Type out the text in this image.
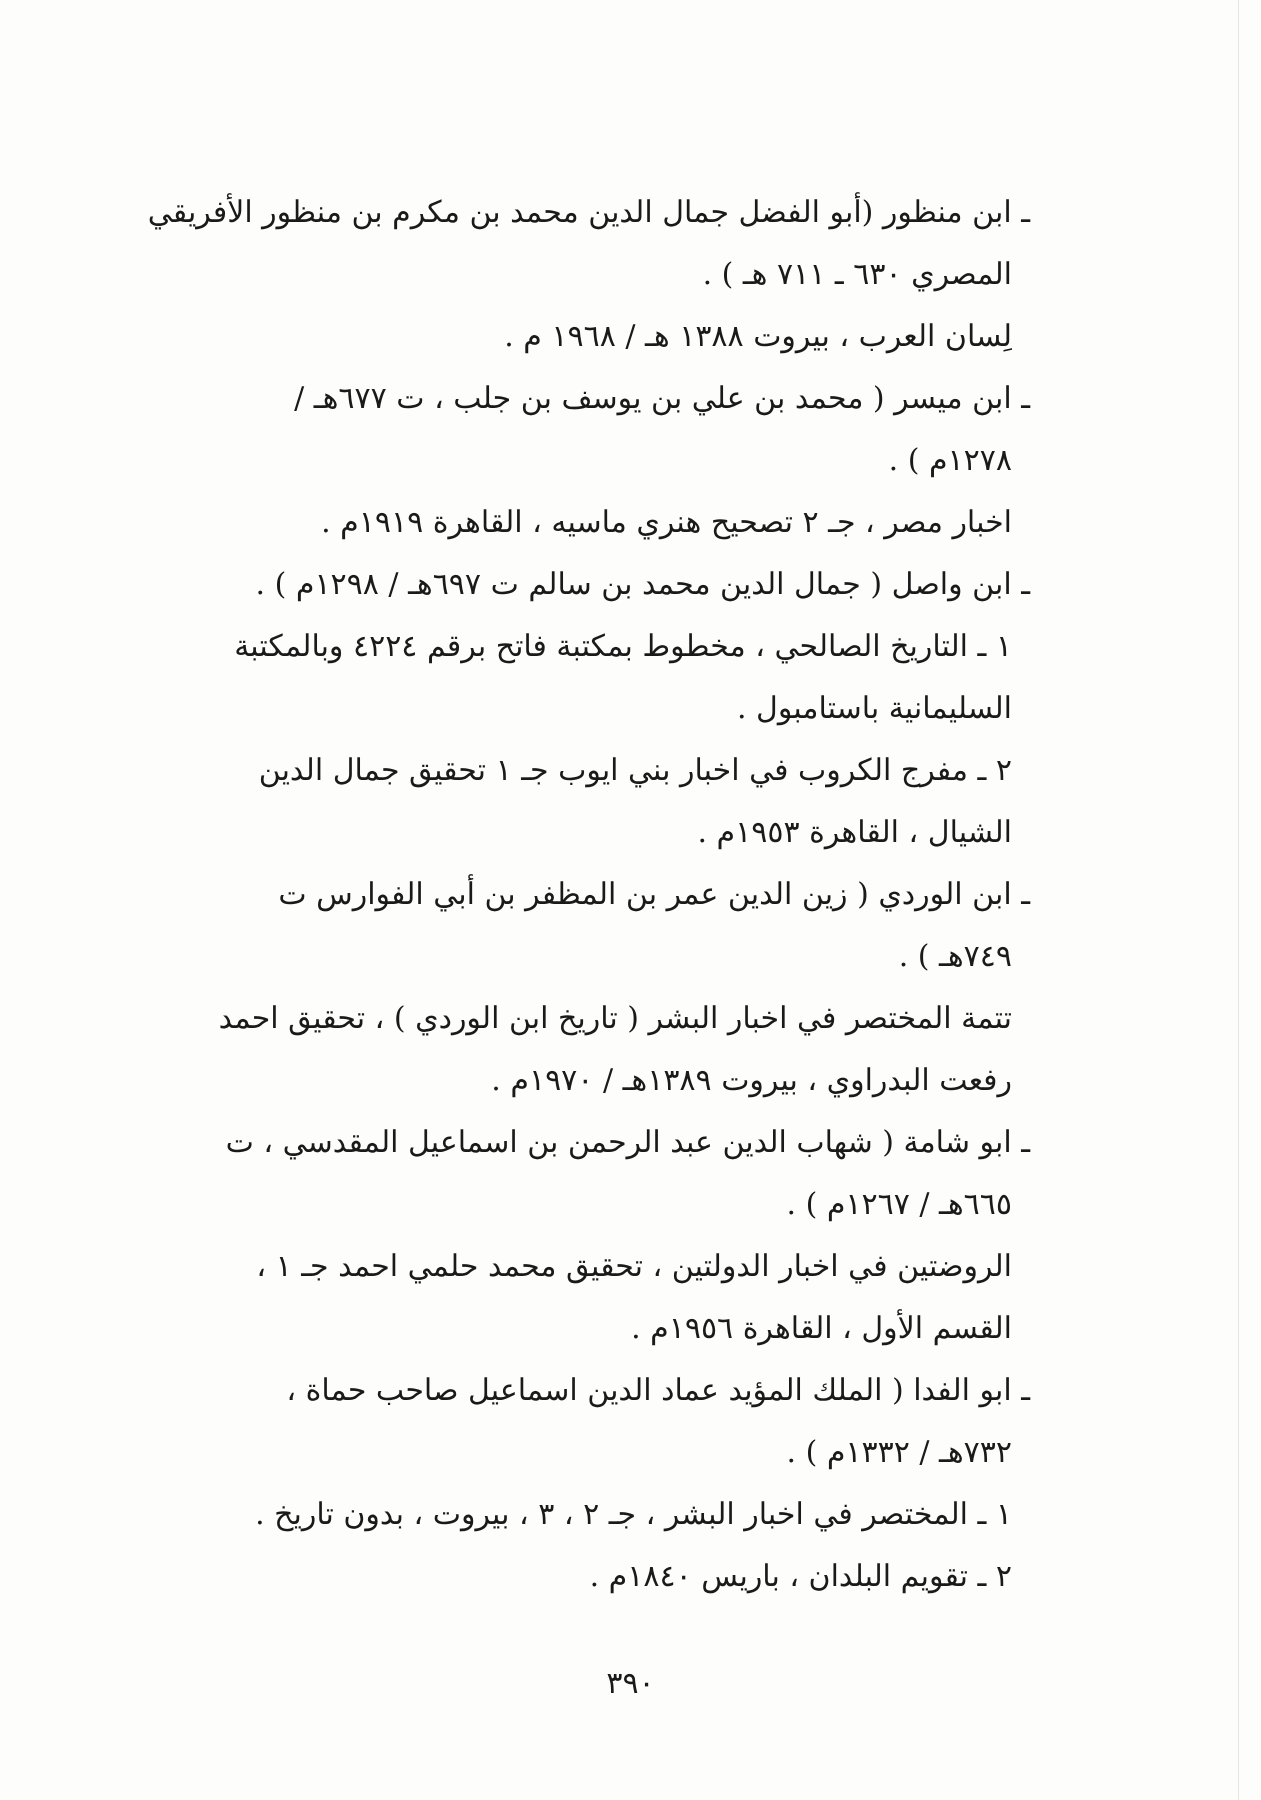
ـ ابن منظور (أبو الفضل جمال الدين محمد بن مكرم بن منظور الأفريقي
المصري ٦٣٠ ـ ٧١١ هـ ) .
لِسان العرب ، بيروت ١٣٨٨ هـ / ١٩٦٨ م .
ـ ابن ميسر ( محمد بن علي بن يوسف بن جلب ، ت ٦٧٧هـ /
١٢٧٨م ) .
اخبار مصر ، جـ ٢ تصحيح هنري ماسيه ، القاهرة ١٩١٩م .
ـ ابن واصل ( جمال الدين محمد بن سالم ت ٦٩٧هـ / ١٢٩٨م ) .
١ ـ التاريخ الصالحي ، مخطوط بمكتبة فاتح برقم ٤٢٢٤ وبالمكتبة
السليمانية باستامبول .
٢ ـ مفرج الكروب في اخبار بني ايوب جـ ١ تحقيق جمال الدين
الشيال ، القاهرة ١٩٥٣م .
ـ ابن الوردي ( زين الدين عمر بن المظفر بن أبي الفوارس ت
٧٤٩هـ ) .
تتمة المختصر في اخبار البشر ( تاريخ ابن الوردي ) ، تحقيق احمد
رفعت البدراوي ، بيروت ١٣٨٩هـ / ١٩٧٠م .
ـ ابو شامة ( شهاب الدين عبد الرحمن بن اسماعيل المقدسي ، ت
٦٦٥هـ / ١٢٦٧م ) .
الروضتين في اخبار الدولتين ، تحقيق محمد حلمي احمد جـ ١ ،
القسم الأول ، القاهرة ١٩٥٦م .
ـ ابو الفدا ( الملك المؤيد عماد الدين اسماعيل صاحب حماة ،
٧٣٢هـ / ١٣٣٢م ) .
١ ـ المختصر في اخبار البشر ، جـ ٢ ، ٣ ، بيروت ، بدون تاريخ .
٢ ـ تقويم البلدان ، باريس ١٨٤٠م .
٣٩٠
